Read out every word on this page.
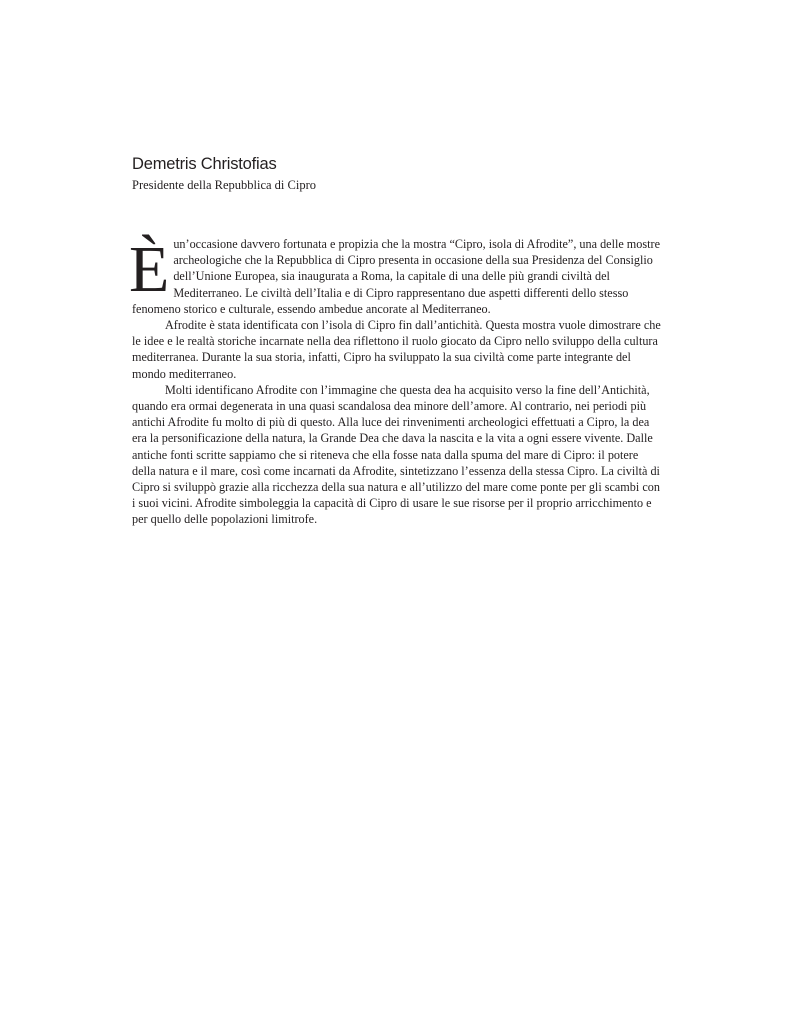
Demetris Christofias
Presidente della Repubblica di Cipro

Èun’occasione davvero fortunata e propizia che la mostra “Cipro, isola di Afrodite”, una delle mostre archeologiche che la Repubblica di Cipro presenta in occasione della sua Presidenza del Consiglio dell’Unione Europea, sia inaugurata a Roma, la capitale di una delle più grandi civiltà del Mediterraneo. Le civiltà dell’Italia e di Cipro rappresentano due aspetti differenti dello stesso fenomeno storico e culturale, essendo ambedue ancorate al Mediterraneo.

Afrodite è stata identificata con l’isola di Cipro fin dall’antichità. Questa mostra vuole dimostrare che le idee e le realtà storiche incarnate nella dea riflettono il ruolo giocato da Cipro nello sviluppo della cultura mediterranea. Durante la sua storia, infatti, Cipro ha sviluppato la sua civiltà come parte integrante del mondo mediterraneo.

Molti identificano Afrodite con l’immagine che questa dea ha acquisito verso la fine dell’Antichità, quando era ormai degenerata in una quasi scandalosa dea minore dell’amore. Al contrario, nei periodi più antichi Afrodite fu molto di più di questo. Alla luce dei rinvenimenti archeologici effettuati a Cipro, la dea era la personificazione della natura, la Grande Dea che dava la nascita e la vita a ogni essere vivente. Dalle antiche fonti scritte sappiamo che si riteneva che ella fosse nata dalla spuma del mare di Cipro: il potere della natura e il mare, così come incarnati da Afrodite, sintetizzano l’essenza della stessa Cipro. La civiltà di Cipro si sviluppò grazie alla ricchezza della sua natura e all’utilizzo del mare come ponte per gli scambi con i suoi vicini. Afrodite simboleggia la capacità di Cipro di usare le sue risorse per il proprio arricchimento e per quello delle popolazioni limitrofe.
